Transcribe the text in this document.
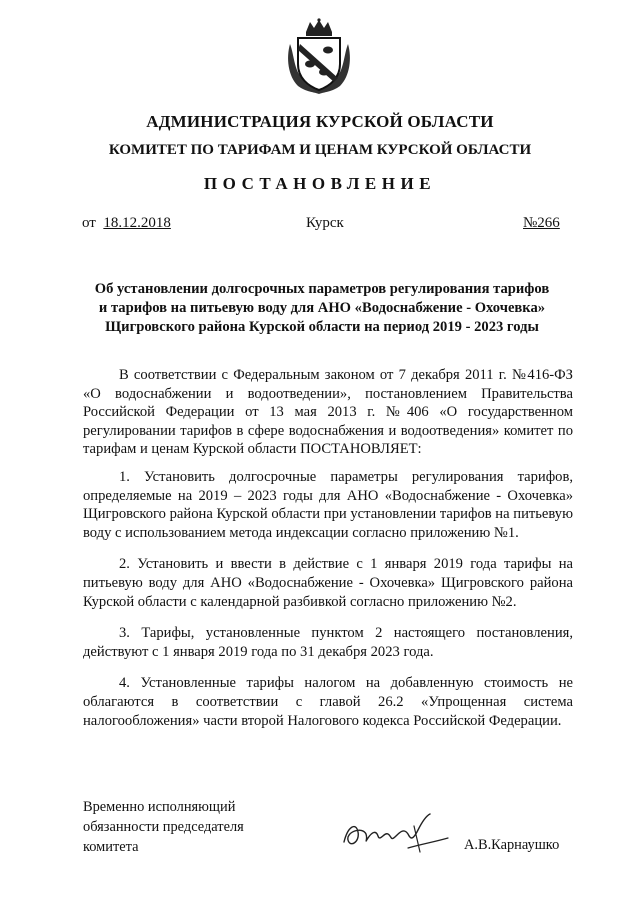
АДМИНИСТРАЦИЯ КУРСКОЙ ОБЛАСТИ
КОМИТЕТ ПО ТАРИФАМ И ЦЕНАМ КУРСКОЙ ОБЛАСТИ
ПОСТАНОВЛЕНИЕ
от 18.12.2018	Курск	№266
Об установлении долгосрочных параметров регулирования тарифов
и тарифов на питьевую воду для АНО «Водоснабжение - Охочевка»
Щигровского района Курской области на период 2019 - 2023 годы

В соответствии с Федеральным законом от 7 декабря 2011 г. №416-ФЗ «О водоснабжении и водоотведении», постановлением Правительства Российской Федерации от 13 мая 2013 г. №406 «О государственном регулировании тарифов в сфере водоснабжения и водоотведения» комитет по тарифам и ценам Курской области ПОСТАНОВЛЯЕТ:

1. Установить долгосрочные параметры регулирования тарифов, определяемые на 2019 – 2023 годы для АНО «Водоснабжение - Охочевка» Щигровского района Курской области при установлении тарифов на питьевую воду с использованием метода индексации согласно приложению №1.

2. Установить и ввести в действие с 1 января 2019 года тарифы на питьевую воду для АНО «Водоснабжение - Охочевка» Щигровского района Курской области с календарной разбивкой согласно приложению №2.

3. Тарифы, установленные пунктом 2 настоящего постановления, действуют с 1 января 2019 года по 31 декабря 2023 года.

4. Установленные тарифы налогом на добавленную стоимость не облагаются в соответствии с главой 26.2 «Упрощенная система налогообложения» части второй Налогового кодекса Российской Федерации.

Временно исполняющий
обязанности председателя
комитета	А.В.Карнаушко
